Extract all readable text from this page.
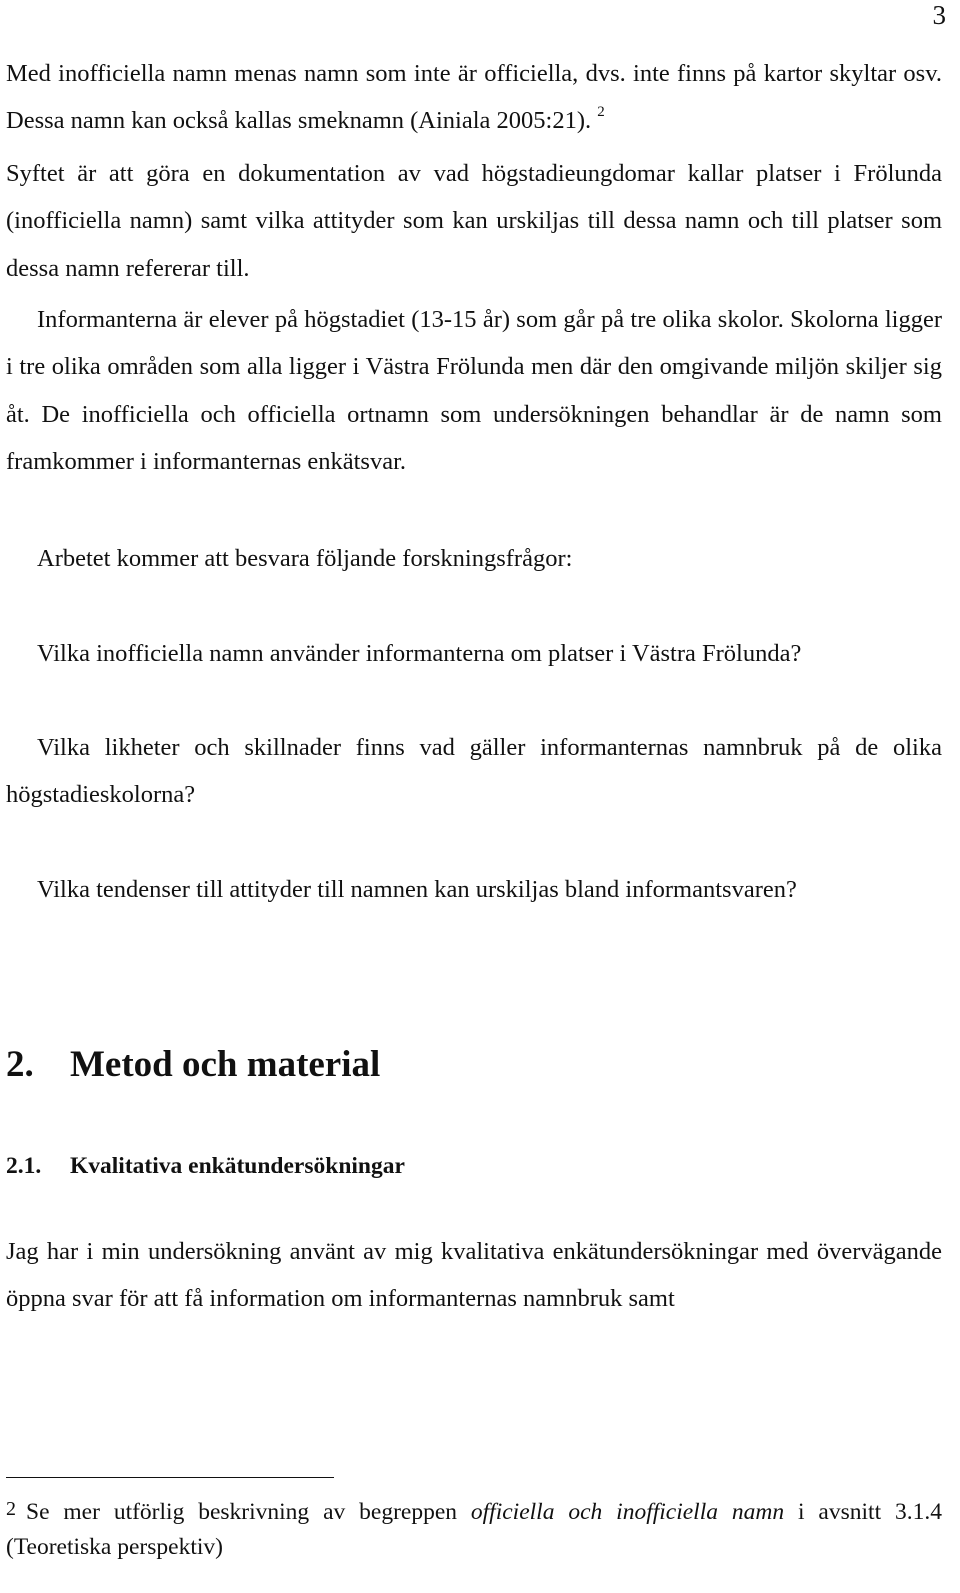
3

Med inofficiella namn menas namn som inte är officiella, dvs. inte finns på kartor skyltar osv. Dessa namn kan också kallas smeknamn (Ainiala 2005:21). $^2$

Syftet är att göra en dokumentation av vad högstadieungdomar kallar platser i Frölunda (inofficiella namn) samt vilka attityder som kan urskiljas till dessa namn och till platser som dessa namn refererar till.

Informanterna är elever på högstadiet (13-15 år) som går på tre olika skolor. Skolorna ligger i tre olika områden som alla ligger i Västra Frölunda men där den omgivande miljön skiljer sig åt. De inofficiella och officiella ortnamn som undersökningen behandlar är de namn som framkommer i informanternas enkätsvar.

Arbetet kommer att besvara följande forskningsfrågor:

Vilka inofficiella namn använder informanterna om platser i Västra Frölunda?

Vilka likheter och skillnader finns vad gäller informanternas namnbruk på de olika högstadieskolorna?

Vilka tendenser till attityder till namnen kan urskiljas bland informantsvaren?

2. Metod och material
2.1. Kvalitativa enkätundersökningar

Jag har i min undersökning använt av mig kvalitativa enkätundersökningar med övervägande öppna svar för att få information om informanternas namnbruk samt

2 Se mer utförlig beskrivning av begreppen officiella och inofficiella namn i avsnitt 3.1.4 (Teoretiska perspektiv)
